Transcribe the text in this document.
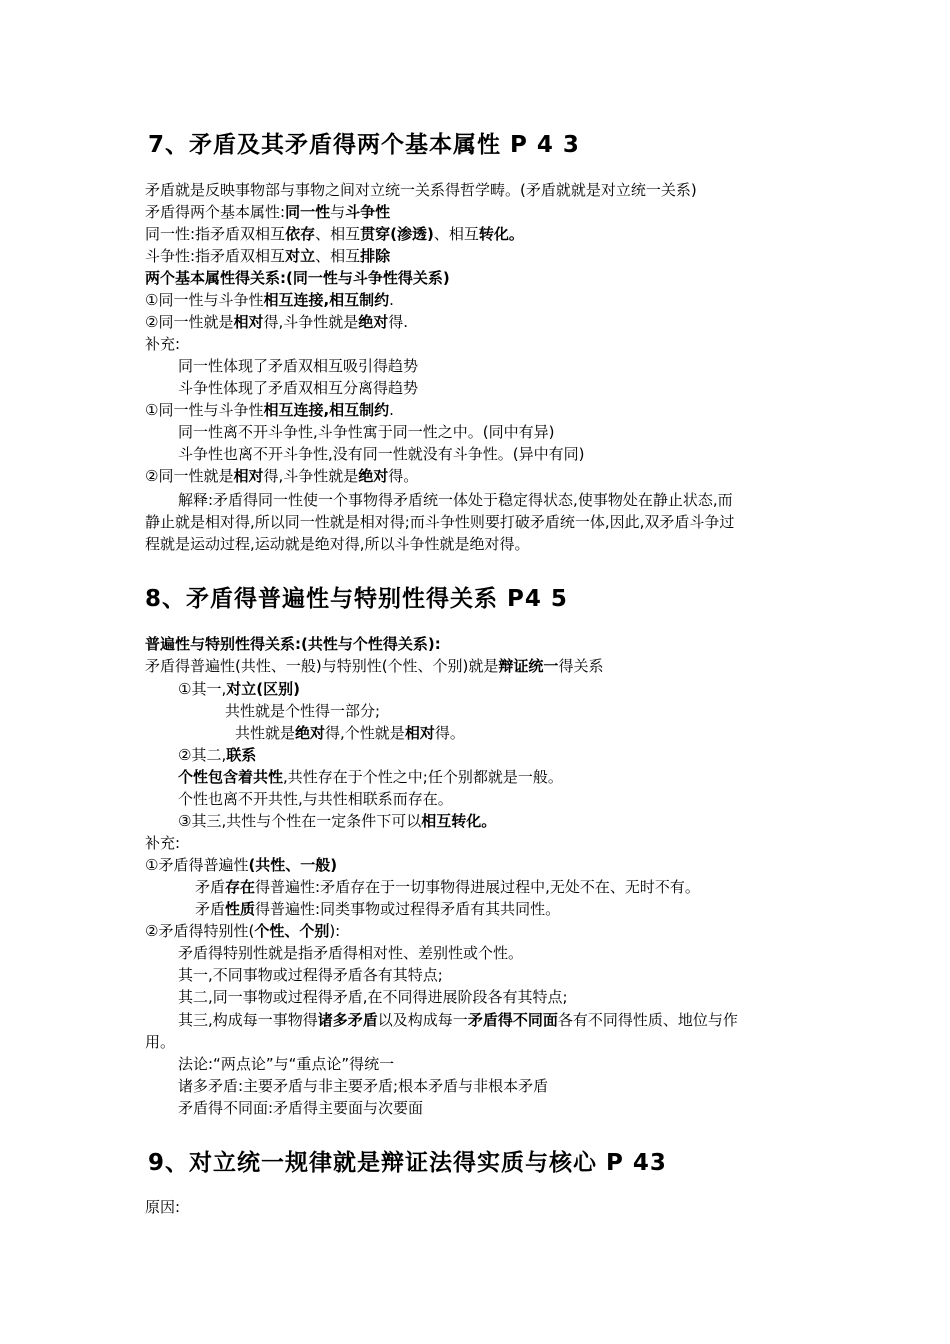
7、矛盾及其矛盾得两个基本属性 P 4 3
矛盾就是反映事物部与事物之间对立统一关系得哲学畴。(矛盾就就是对立统一关系)
矛盾得两个基本属性:同一性与斗争性
同一性:指矛盾双相互依存、相互贯穿(渗透)、相互转化。
斗争性:指矛盾双相互对立、相互排除
两个基本属性得关系:(同一性与斗争性得关系)
①同一性与斗争性相互连接,相互制约.
②同一性就是相对得,斗争性就是绝对得.
补充:
同一性体现了矛盾双相互吸引得趋势
斗争性体现了矛盾双相互分离得趋势
①同一性与斗争性相互连接,相互制约.
同一性离不开斗争性,斗争性寓于同一性之中。(同中有异)
斗争性也离不开斗争性,没有同一性就没有斗争性。(异中有同)
②同一性就是相对得,斗争性就是绝对得。
解释:矛盾得同一性使一个事物得矛盾统一体处于稳定得状态,使事物处在静止状态,而
静止就是相对得,所以同一性就是相对得;而斗争性则要打破矛盾统一体,因此,双矛盾斗争过
程就是运动过程,运动就是绝对得,所以斗争性就是绝对得。
8、矛盾得普遍性与特别性得关系 P4 5
普遍性与特别性得关系:(共性与个性得关系):
矛盾得普遍性(共性、一般)与特别性(个性、个别)就是辩证统一得关系
①其一,对立(区别)
共性就是个性得一部分;
共性就是绝对得,个性就是相对得。
②其二,联系
个性包含着共性,共性存在于个性之中;任个别都就是一般。
个性也离不开共性,与共性相联系而存在。
③其三,共性与个性在一定条件下可以相互转化。
补充:
①矛盾得普遍性(共性、一般)
矛盾存在得普遍性:矛盾存在于一切事物得进展过程中,无处不在、无时不有。
矛盾性质得普遍性:同类事物或过程得矛盾有其共同性。
②矛盾得特别性(个性、个别):
矛盾得特别性就是指矛盾得相对性、差别性或个性。
其一,不同事物或过程得矛盾各有其特点;
其二,同一事物或过程得矛盾,在不同得进展阶段各有其特点;
其三,构成每一事物得诸多矛盾以及构成每一矛盾得不同面各有不同得性质、地位与作
用。
法论:“两点论”与“重点论”得统一
诸多矛盾:主要矛盾与非主要矛盾;根本矛盾与非根本矛盾
矛盾得不同面:矛盾得主要面与次要面
9、对立统一规律就是辩证法得实质与核心 P 43
原因:
